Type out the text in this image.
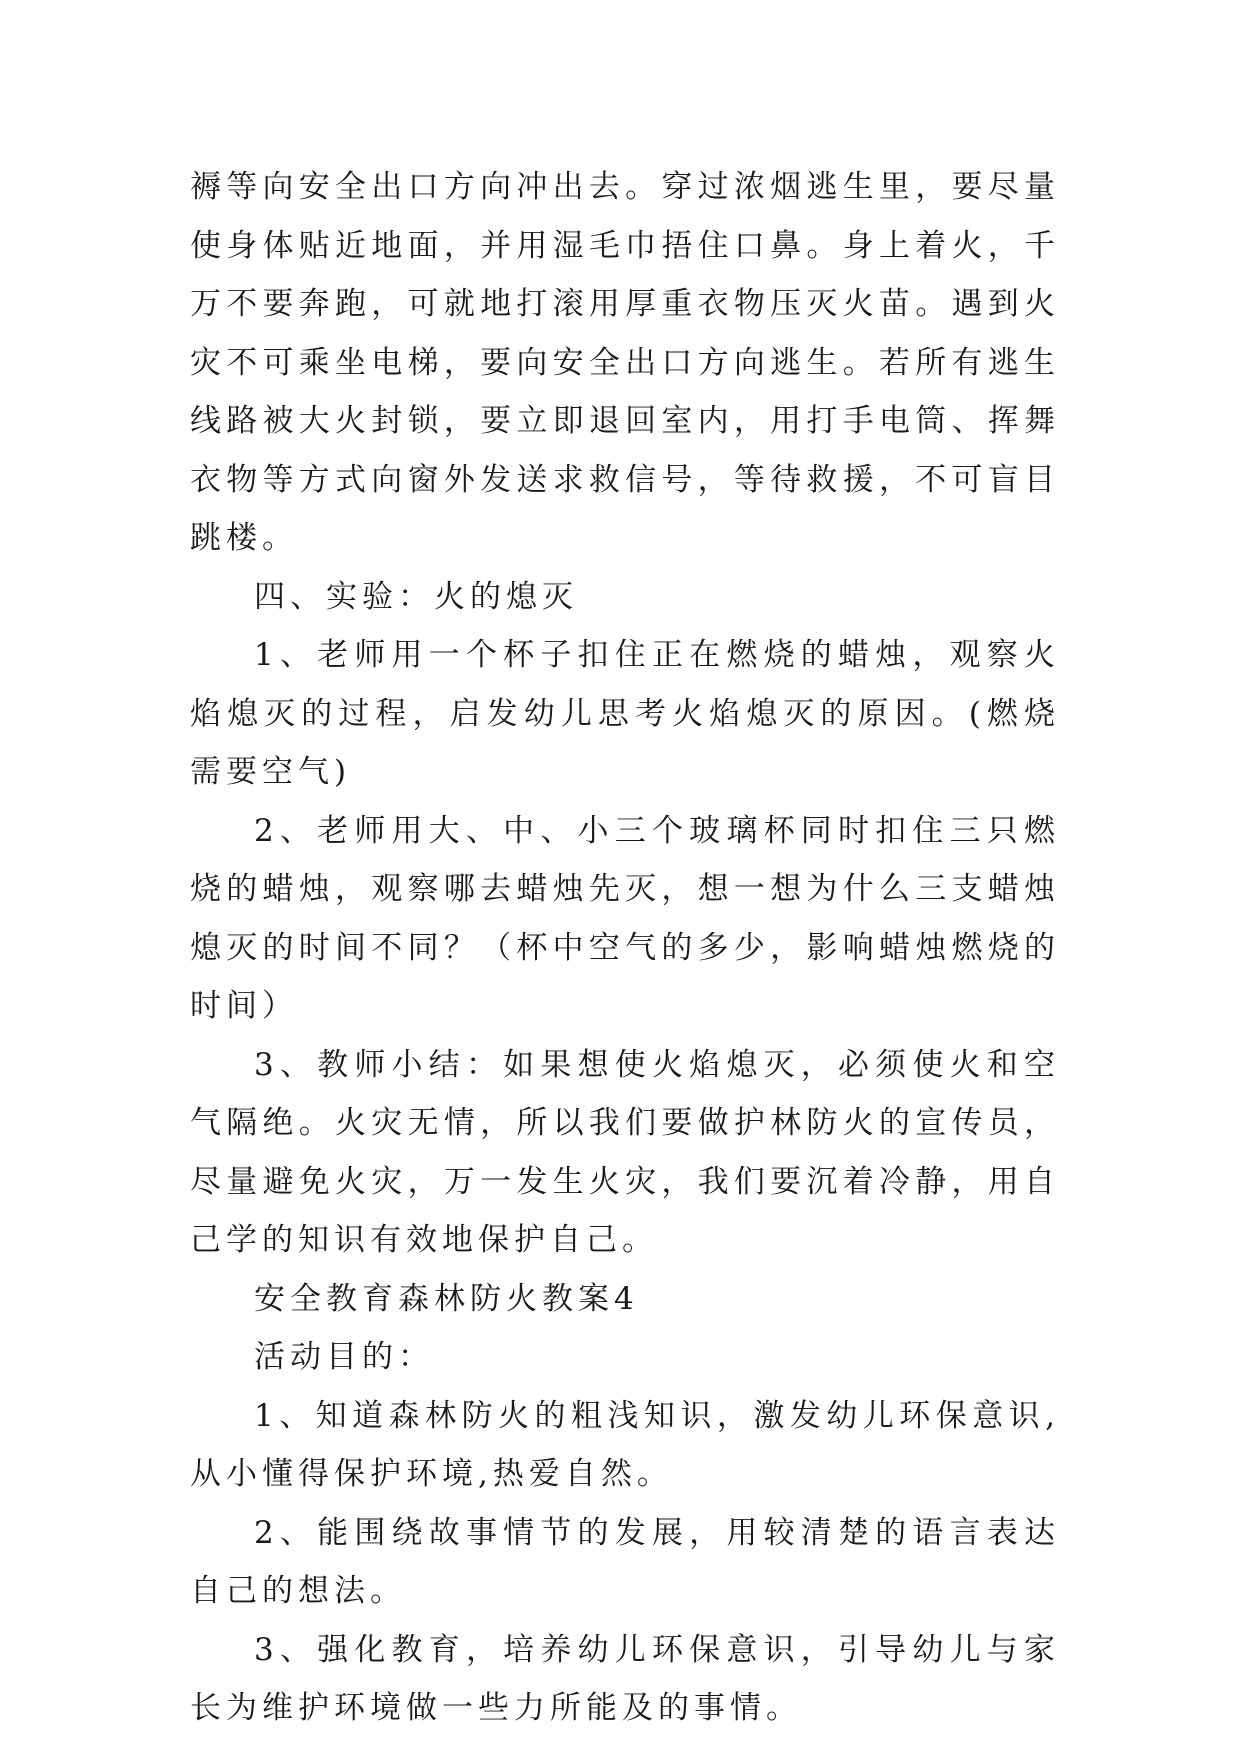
褥等向安全出口方向冲出去。穿过浓烟逃生里，要尽量使身体贴近地面，并用湿毛巾捂住口鼻。身上着火，千万不要奔跑，可就地打滚用厚重衣物压灭火苗。遇到火灾不可乘坐电梯，要向安全出口方向逃生。若所有逃生线路被大火封锁，要立即退回室内，用打手电筒、挥舞衣物等方式向窗外发送求救信号，等待救援，不可盲目跳楼。

四、实验：火的熄灭

1、老师用一个杯子扣住正在燃烧的蜡烛，观察火焰熄灭的过程，启发幼儿思考火焰熄灭的原因。(燃烧需要空气)

2、老师用大、中、小三个玻璃杯同时扣住三只燃烧的蜡烛，观察哪去蜡烛先灭，想一想为什么三支蜡烛熄灭的时间不同？（杯中空气的多少，影响蜡烛燃烧的时间）

3、教师小结：如果想使火焰熄灭，必须使火和空气隔绝。火灾无情，所以我们要做护林防火的宣传员，尽量避免火灾，万一发生火灾，我们要沉着冷静，用自己学的知识有效地保护自己。

安全教育森林防火教案4

活动目的：

1、知道森林防火的粗浅知识，激发幼儿环保意识,从小懂得保护环境,热爱自然。

2、能围绕故事情节的发展，用较清楚的语言表达自己的想法。

3、强化教育，培养幼儿环保意识，引导幼儿与家长为维护环境做一些力所能及的事情。
